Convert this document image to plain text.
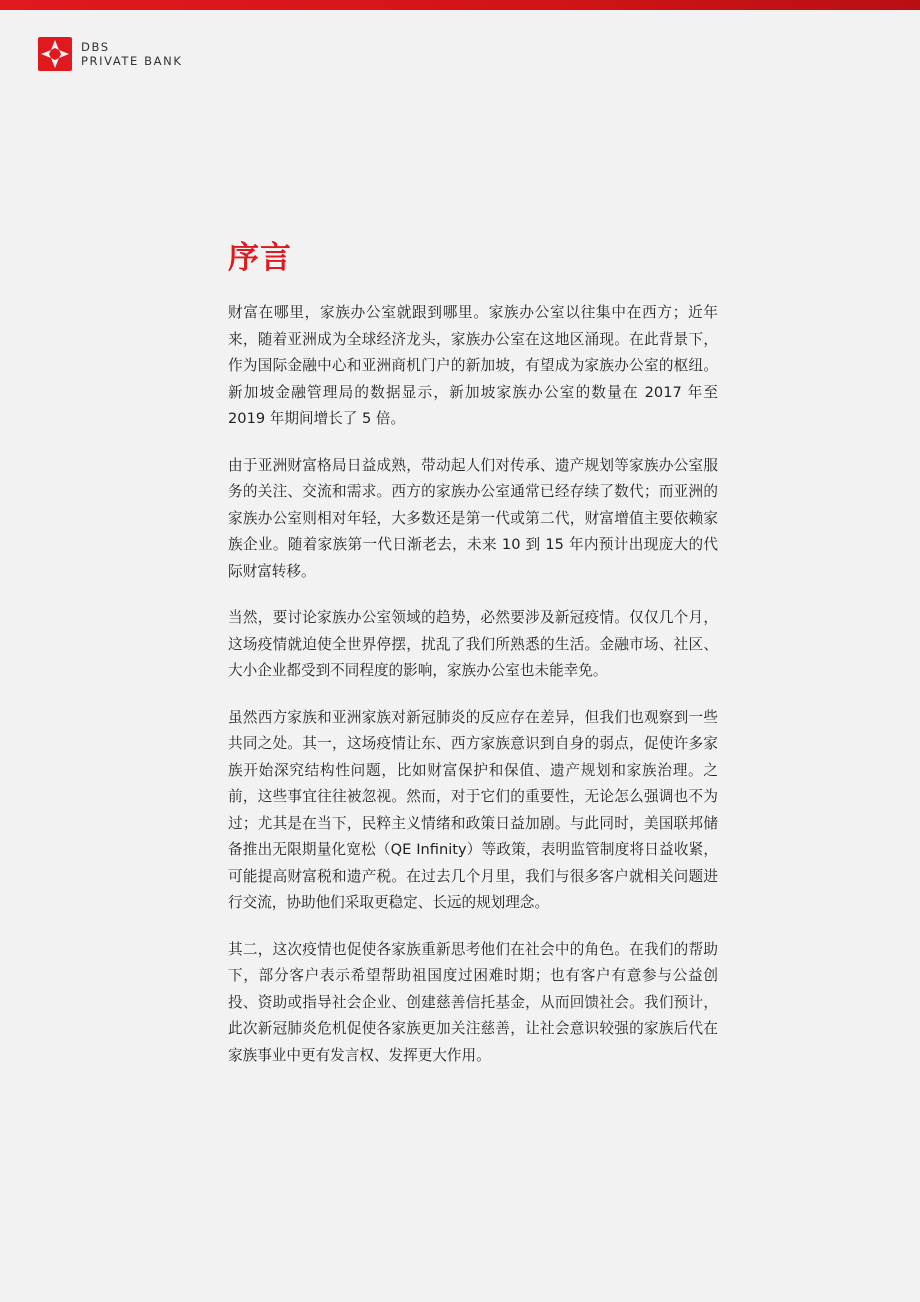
DBS
PRIVATE BANK
序言

财富在哪里，家族办公室就跟到哪里。家族办公室以往集中在西方；近年来，随着亚洲成为全球经济龙头，家族办公室在这地区涌现。在此背景下，作为国际金融中心和亚洲商机门户的新加坡，有望成为家族办公室的枢纽。新加坡金融管理局的数据显示，新加坡家族办公室的数量在 2017 年至 2019 年期间增长了 5 倍。

由于亚洲财富格局日益成熟，带动起人们对传承、遗产规划等家族办公室服务的关注、交流和需求。西方的家族办公室通常已经存续了数代；而亚洲的家族办公室则相对年轻，大多数还是第一代或第二代，财富增值主要依赖家族企业。随着家族第一代日渐老去，未来 10 到 15 年内预计出现庞大的代际财富转移。

当然，要讨论家族办公室领域的趋势，必然要涉及新冠疫情。仅仅几个月，这场疫情就迫使全世界停摆，扰乱了我们所熟悉的生活。金融市场、社区、大小企业都受到不同程度的影响，家族办公室也未能幸免。

虽然西方家族和亚洲家族对新冠肺炎的反应存在差异，但我们也观察到一些共同之处。其一，这场疫情让东、西方家族意识到自身的弱点，促使许多家族开始深究结构性问题，比如财富保护和保值、遗产规划和家族治理。之前，这些事宜往往被忽视。然而，对于它们的重要性，无论怎么强调也不为过；尤其是在当下，民粹主义情绪和政策日益加剧。与此同时，美国联邦储备推出无限期量化宽松（QE Infinity）等政策，表明监管制度将日益收紧，可能提高财富税和遗产税。在过去几个月里，我们与很多客户就相关问题进行交流，协助他们采取更稳定、长远的规划理念。

其二，这次疫情也促使各家族重新思考他们在社会中的角色。在我们的帮助下，部分客户表示希望帮助祖国度过困难时期；也有客户有意参与公益创投、资助或指导社会企业、创建慈善信托基金，从而回馈社会。我们预计，此次新冠肺炎危机促使各家族更加关注慈善，让社会意识较强的家族后代在家族事业中更有发言权、发挥更大作用。
